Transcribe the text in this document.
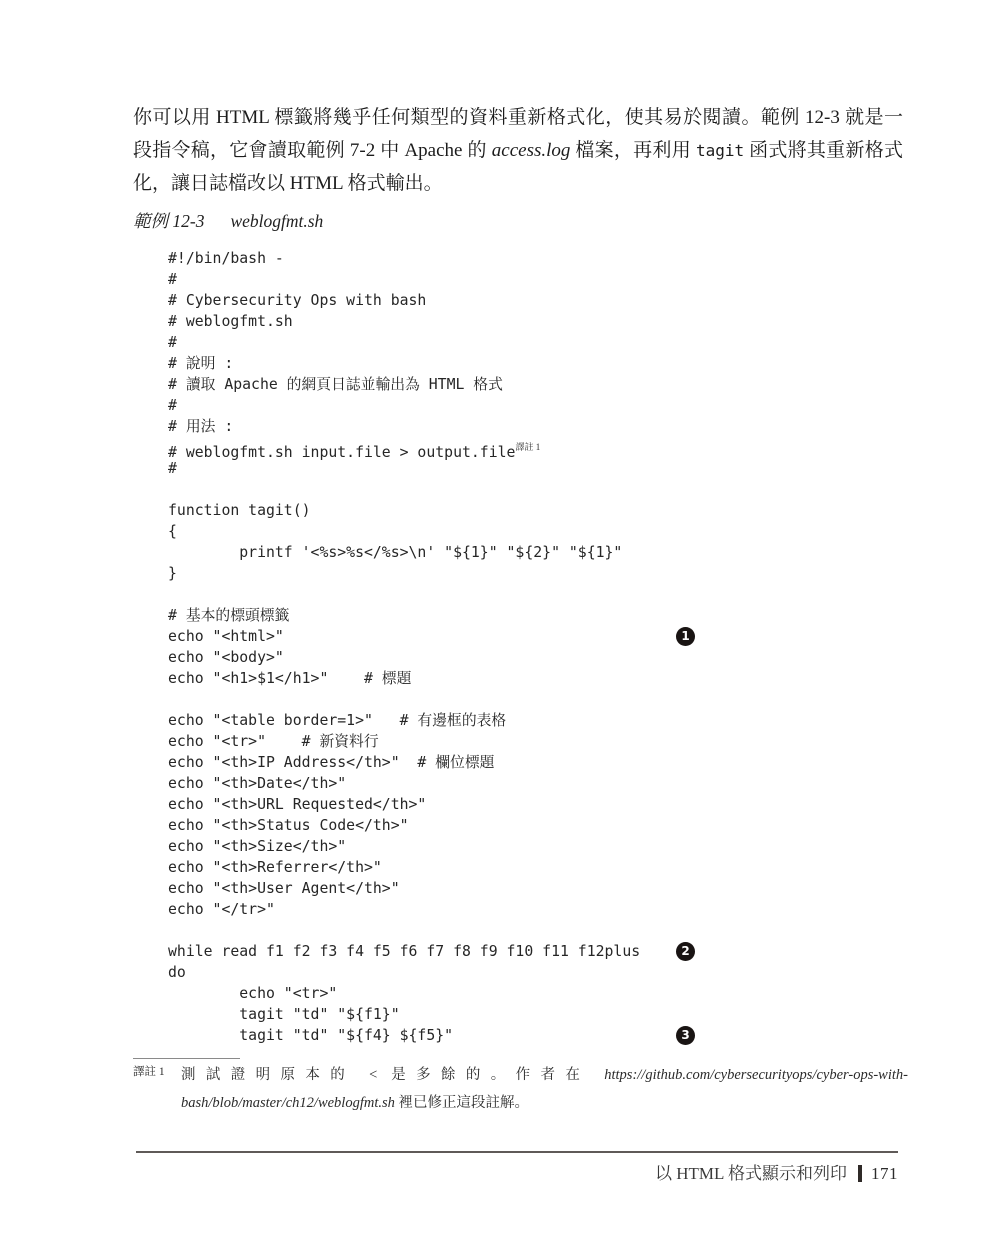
你可以用 HTML 標籤將幾乎任何類型的資料重新格式化，使其易於閱讀。範例 12-3 就是一段指令稿，它會讀取範例 7-2 中 Apache 的 access.log 檔案，再利用 tagit 函式將其重新格式化，讓日誌檔改以 HTML 格式輸出。

範例 12-3 weblogfmt.sh
#!/bin/bash -
#
# Cybersecurity Ops with bash
# weblogfmt.sh
#
# 說明 :
# 讀取 Apache 的網頁日誌並輸出為 HTML 格式
#
# 用法 :
# weblogfmt.sh input.file > output.file$^{譯註 1}$
#
function tagit()
{
printf '<%s>%s</%s>\n' "${1}" "${2}" "${1}"
}
# 基本的標頭標籤
echo "<html>"	1
echo "<body>"
echo "<h1>$1</h1>"    # 標題
echo "<table border=1>"   # 有邊框的表格
echo "<tr>"    # 新資料行
echo "<th>IP Address</th>"  # 欄位標題
echo "<th>Date</th>"
echo "<th>URL Requested</th>"
echo "<th>Status Code</th>"
echo "<th>Size</th>"
echo "<th>Referrer</th>"
echo "<th>User Agent</th>"
echo "</tr>"
while read f1 f2 f3 f4 f5 f6 f7 f8 f9 f10 f11 f12plus	2
do
echo "<tr>"
tagit "td" "${f1}"
tagit "td" "${f4} ${f5}"	3
譯註 1	測試證明原本的 < 是多餘的。作者在 https://github.com/cybersecurityops/cyber-ops-with-bash/blob/master/ch12/weblogfmt.sh 裡已修正這段註解。
以 HTML 格式顯示和列印 171
